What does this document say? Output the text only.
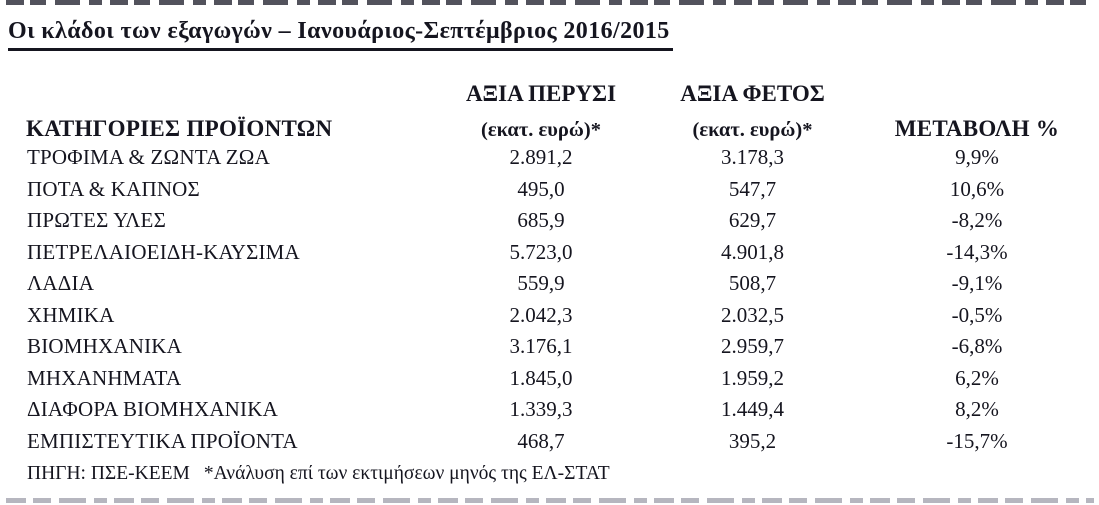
Οι κλάδοι των εξαγωγών – Ιανουάριος-Σεπτέμβριος 2016/2015
	ΑΞΙΑ ΠΕΡΥΣΙ	ΑΞΙΑ ΦΕΤΟΣ	
ΚΑΤΗΓΟΡΙΕΣ ΠΡΟΪΟΝΤΩΝ	(εκατ. ευρώ)*	(εκατ. ευρώ)*	ΜΕΤΑΒΟΛΗ %
ΤΡΟΦΙΜΑ & ΖΩΝΤΑ ΖΩΑ	2.891,2	3.178,3	9,9%
ΠΟΤΑ & ΚΑΠΝΟΣ	495,0	547,7	10,6%
ΠΡΩΤΕΣ ΥΛΕΣ	685,9	629,7	-8,2%
ΠΕΤΡΕΛΑΙΟΕΙΔΗ-ΚΑΥΣΙΜΑ	5.723,0	4.901,8	-14,3%
ΛΑΔΙΑ	559,9	508,7	-9,1%
ΧΗΜΙΚΑ	2.042,3	2.032,5	-0,5%
ΒΙΟΜΗΧΑΝΙΚΑ	3.176,1	2.959,7	-6,8%
ΜΗΧΑΝΗΜΑΤΑ	1.845,0	1.959,2	6,2%
ΔΙΑΦΟΡΑ ΒΙΟΜΗΧΑΝΙΚΑ	1.339,3	1.449,4	8,2%
ΕΜΠΙΣΤΕΥΤΙΚΑ ΠΡΟΪΟΝΤΑ	468,7	395,2	-15,7%
ΠΗΓΗ: ΠΣΕ-ΚΕΕΜ *Ανάλυση επί των εκτιμήσεων μηνός της ΕΛ-ΣΤΑΤ			
